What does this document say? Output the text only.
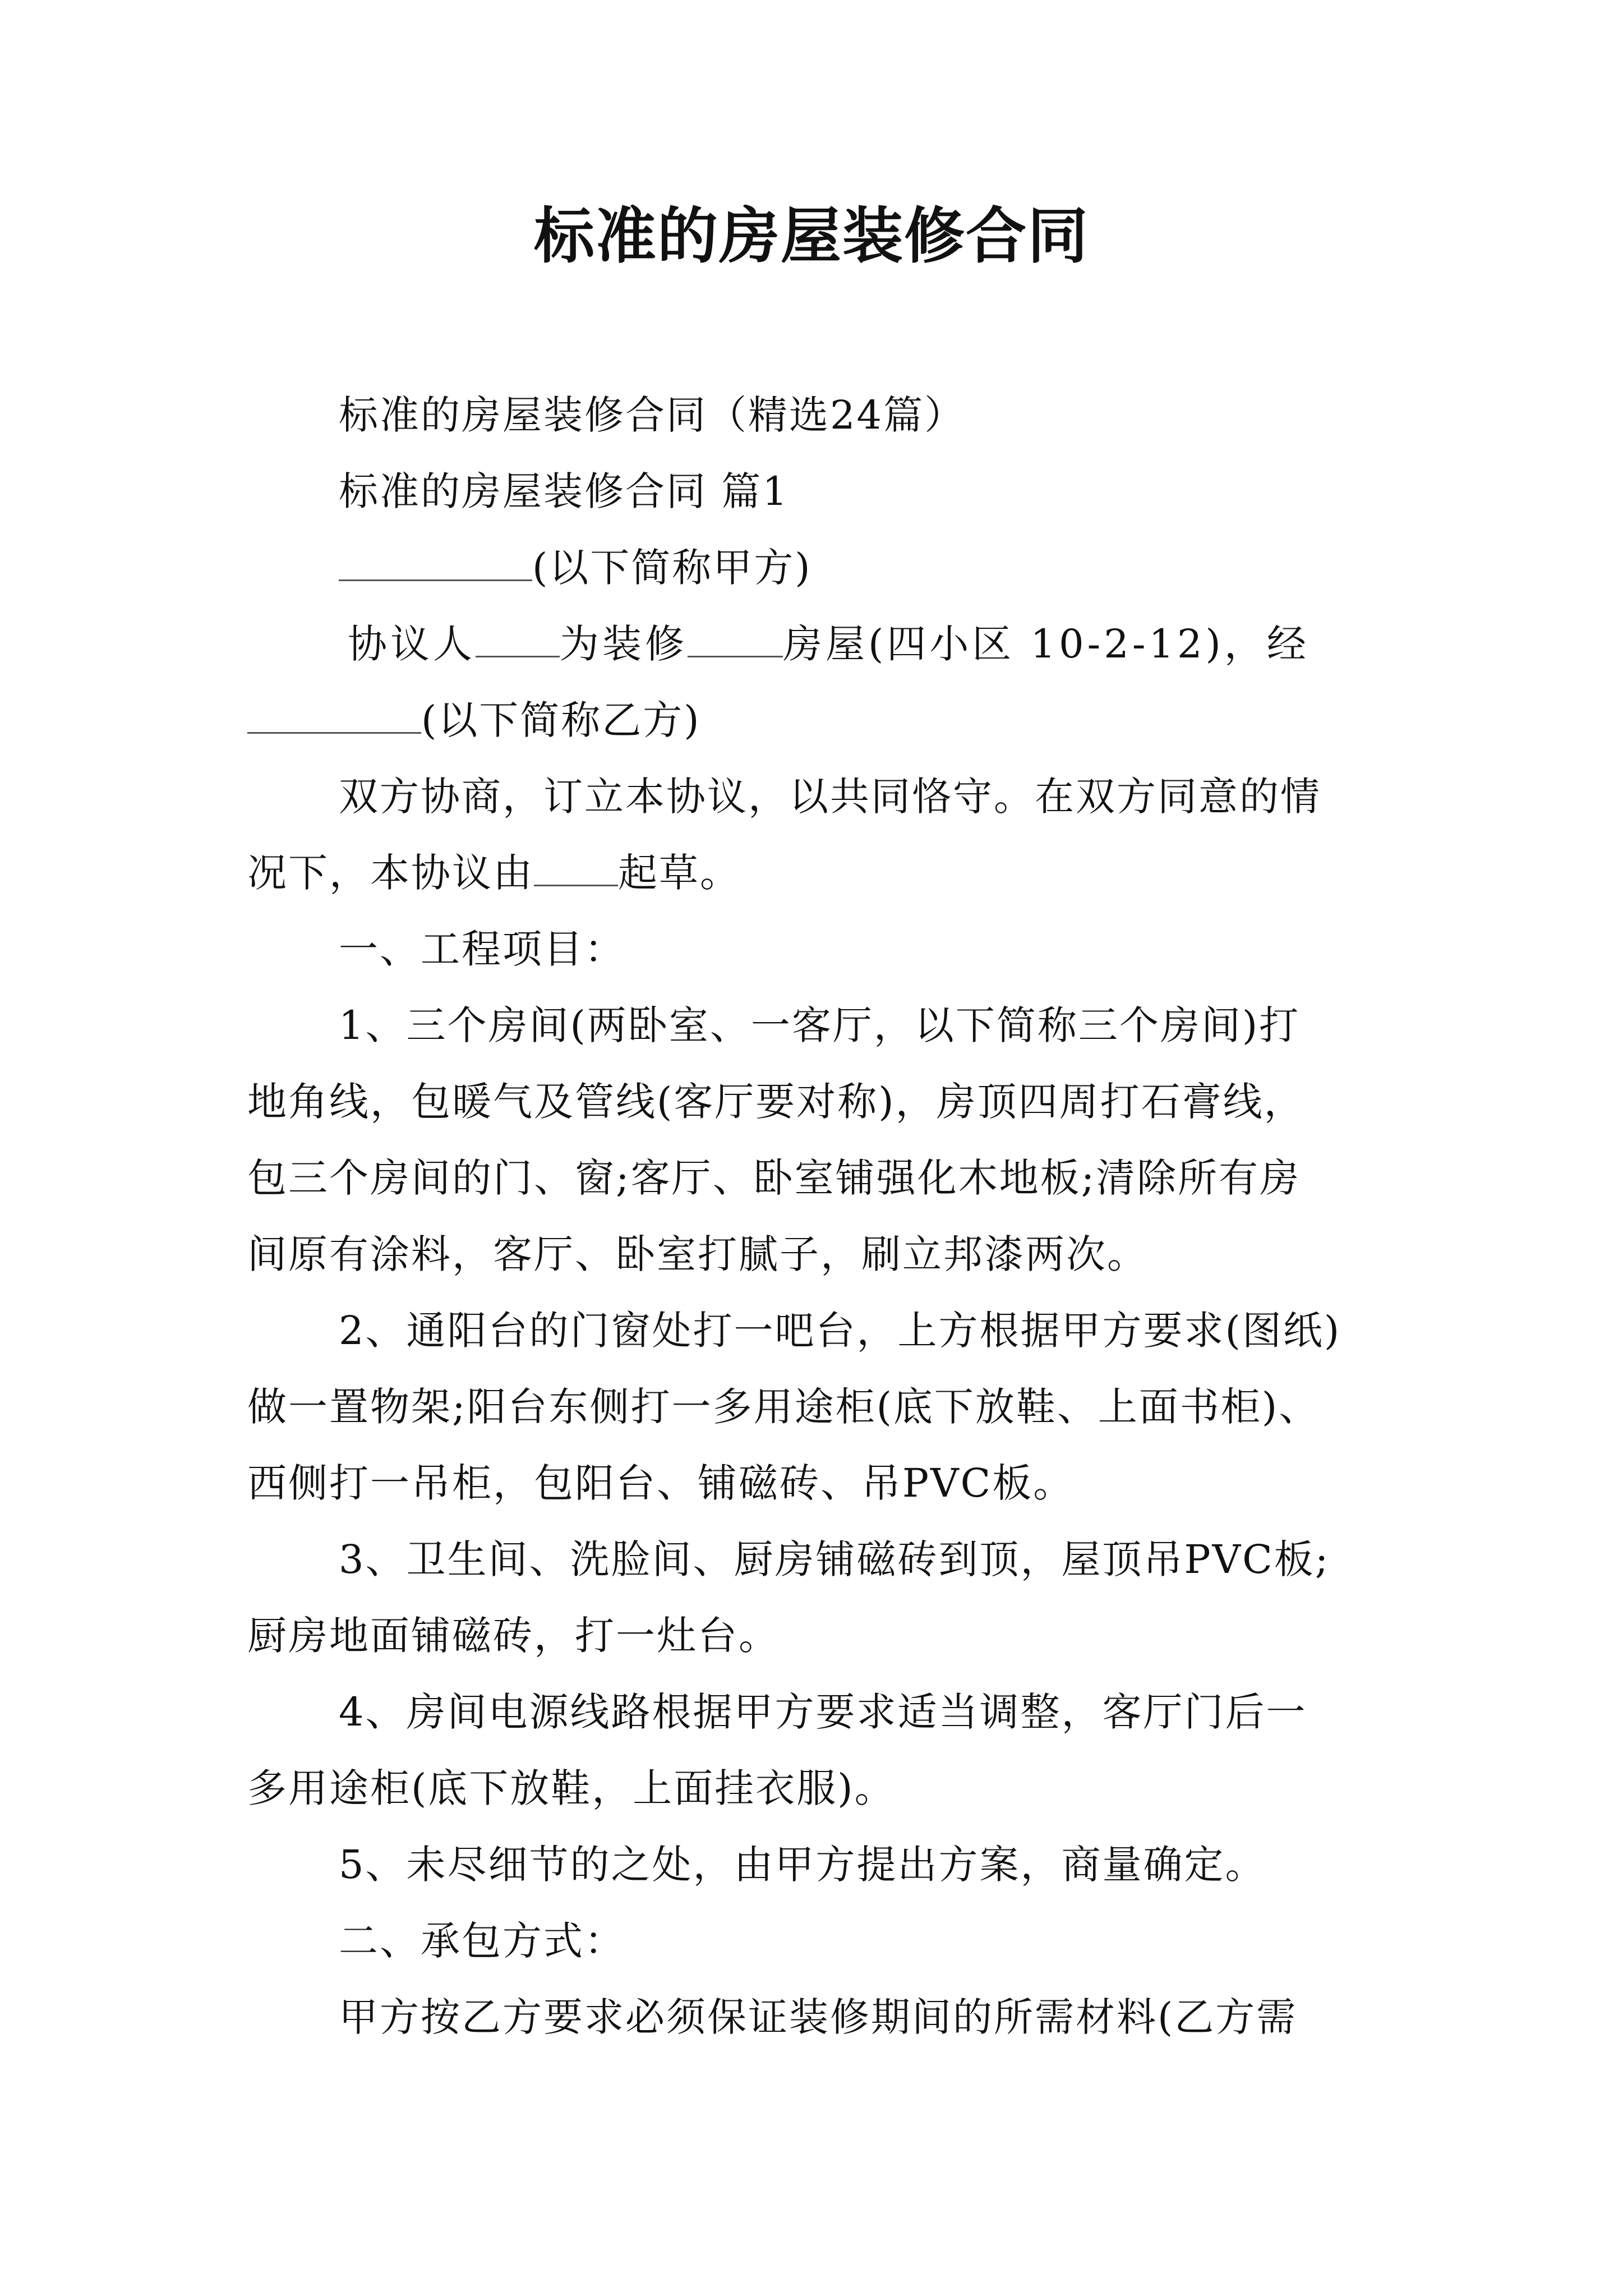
标准的房屋装修合同

标准的房屋装修合同（精选24篇）

标准的房屋装修合同 篇1

(以下简称甲方)

协议人 为装修 房屋(四小区 10-2-12)，经

(以下简称乙方)

双方协商，订立本协议，以共同恪守。在双方同意的情

况下，本协议由 起草。

一、工程项目：

1、三个房间(两卧室、一客厅，以下简称三个房间)打

地角线，包暖气及管线(客厅要对称)，房顶四周打石膏线，

包三个房间的门、窗;客厅、卧室铺强化木地板;清除所有房

间原有涂料，客厅、卧室打腻子，刷立邦漆两次。

2、通阳台的门窗处打一吧台，上方根据甲方要求(图纸)

做一置物架;阳台东侧打一多用途柜(底下放鞋、上面书柜)、

西侧打一吊柜，包阳台、铺磁砖、吊PVC板。

3、卫生间、洗脸间、厨房铺磁砖到顶，屋顶吊PVC板;

厨房地面铺磁砖，打一灶台。

4、房间电源线路根据甲方要求适当调整，客厅门后一

多用途柜(底下放鞋，上面挂衣服)。

5、未尽细节的之处，由甲方提出方案，商量确定。

二、承包方式：

甲方按乙方要求必须保证装修期间的所需材料(乙方需
